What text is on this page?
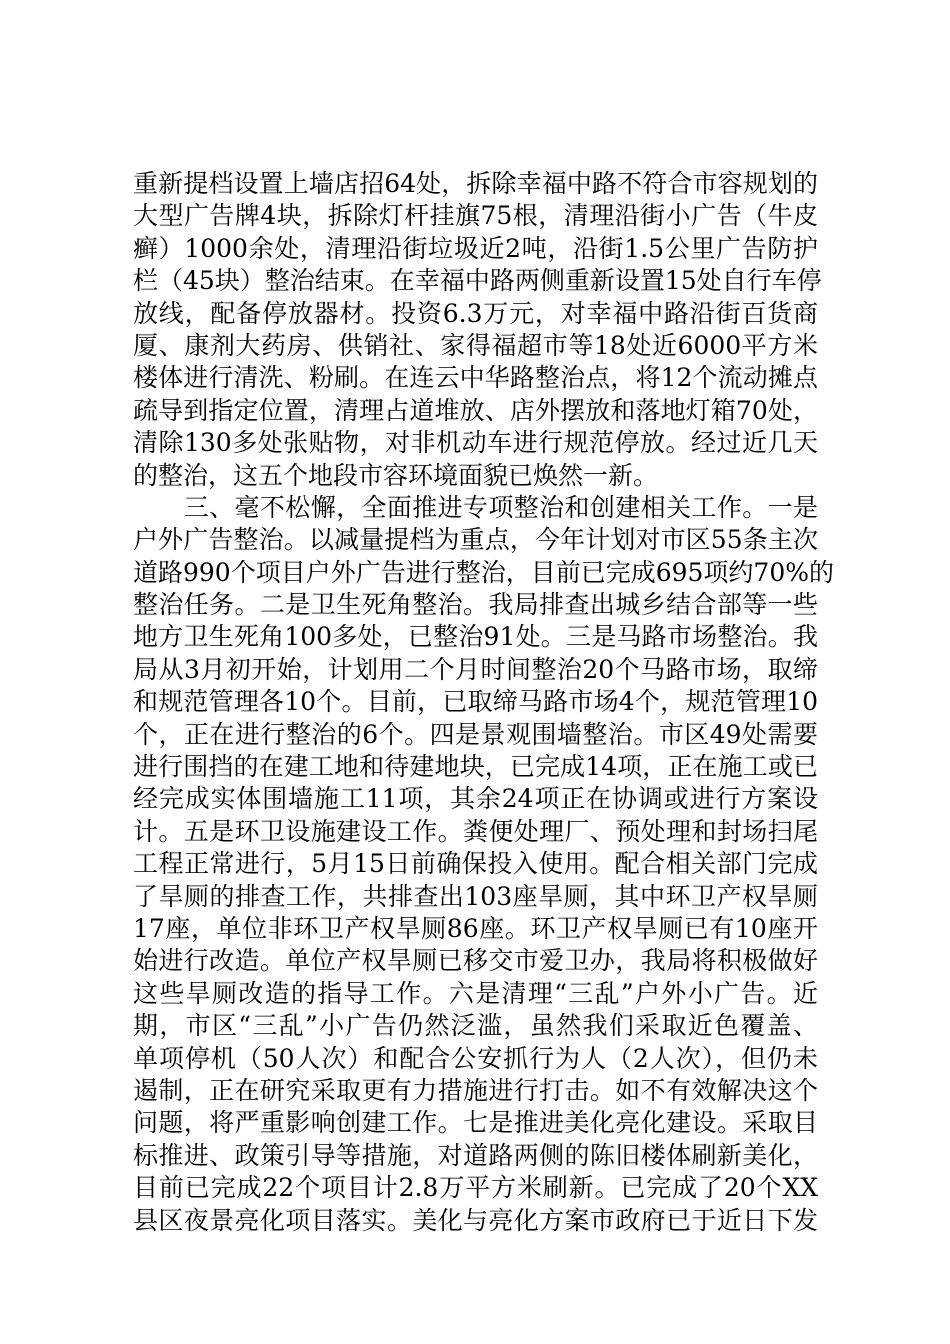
重新提档设置上墙店招64处，拆除幸福中路不符合市容规划的
大型广告牌4块，拆除灯杆挂旗75根，清理沿街小广告（牛皮
癣）1000余处，清理沿街垃圾近2吨，沿街1.5公里广告防护
栏（45块）整治结束。在幸福中路两侧重新设置15处自行车停
放线，配备停放器材。投资6.3万元，对幸福中路沿街百货商
厦、康剂大药房、供销社、家得福超市等18处近6000平方米
楼体进行清洗、粉刷。在连云中华路整治点，将12个流动摊点
疏导到指定位置，清理占道堆放、店外摆放和落地灯箱70处，
清除130多处张贴物，对非机动车进行规范停放。经过近几天
的整治，这五个地段市容环境面貌已焕然一新。
　　三、毫不松懈，全面推进专项整治和创建相关工作。一是
户外广告整治。以减量提档为重点，今年计划对市区55条主次
道路990个项目户外广告进行整治，目前已完成695项约70%的
整治任务。二是卫生死角整治。我局排查出城乡结合部等一些
地方卫生死角100多处，已整治91处。三是马路市场整治。我
局从3月初开始，计划用二个月时间整治20个马路市场，取缔
和规范管理各10个。目前，已取缔马路市场4个，规范管理10
个，正在进行整治的6个。四是景观围墙整治。市区49处需要
进行围挡的在建工地和待建地块，已完成14项，正在施工或已
经完成实体围墙施工11项，其余24项正在协调或进行方案设
计。五是环卫设施建设工作。粪便处理厂、预处理和封场扫尾
工程正常进行，5月15日前确保投入使用。配合相关部门完成
了旱厕的排查工作，共排查出103座旱厕，其中环卫产权旱厕
17座，单位非环卫产权旱厕86座。环卫产权旱厕已有10座开
始进行改造。单位产权旱厕已移交市爱卫办，我局将积极做好
这些旱厕改造的指导工作。六是清理“三乱”户外小广告。近
期，市区“三乱”小广告仍然泛滥，虽然我们采取近色覆盖、
单项停机（50人次）和配合公安抓行为人（2人次），但仍未
遏制，正在研究采取更有力措施进行打击。如不有效解决这个
问题，将严重影响创建工作。七是推进美化亮化建设。采取目
标推进、政策引导等措施，对道路两侧的陈旧楼体刷新美化，
目前已完成22个项目计2.8万平方米刷新。已完成了20个XX
县区夜景亮化项目落实。美化与亮化方案市政府已于近日下发
